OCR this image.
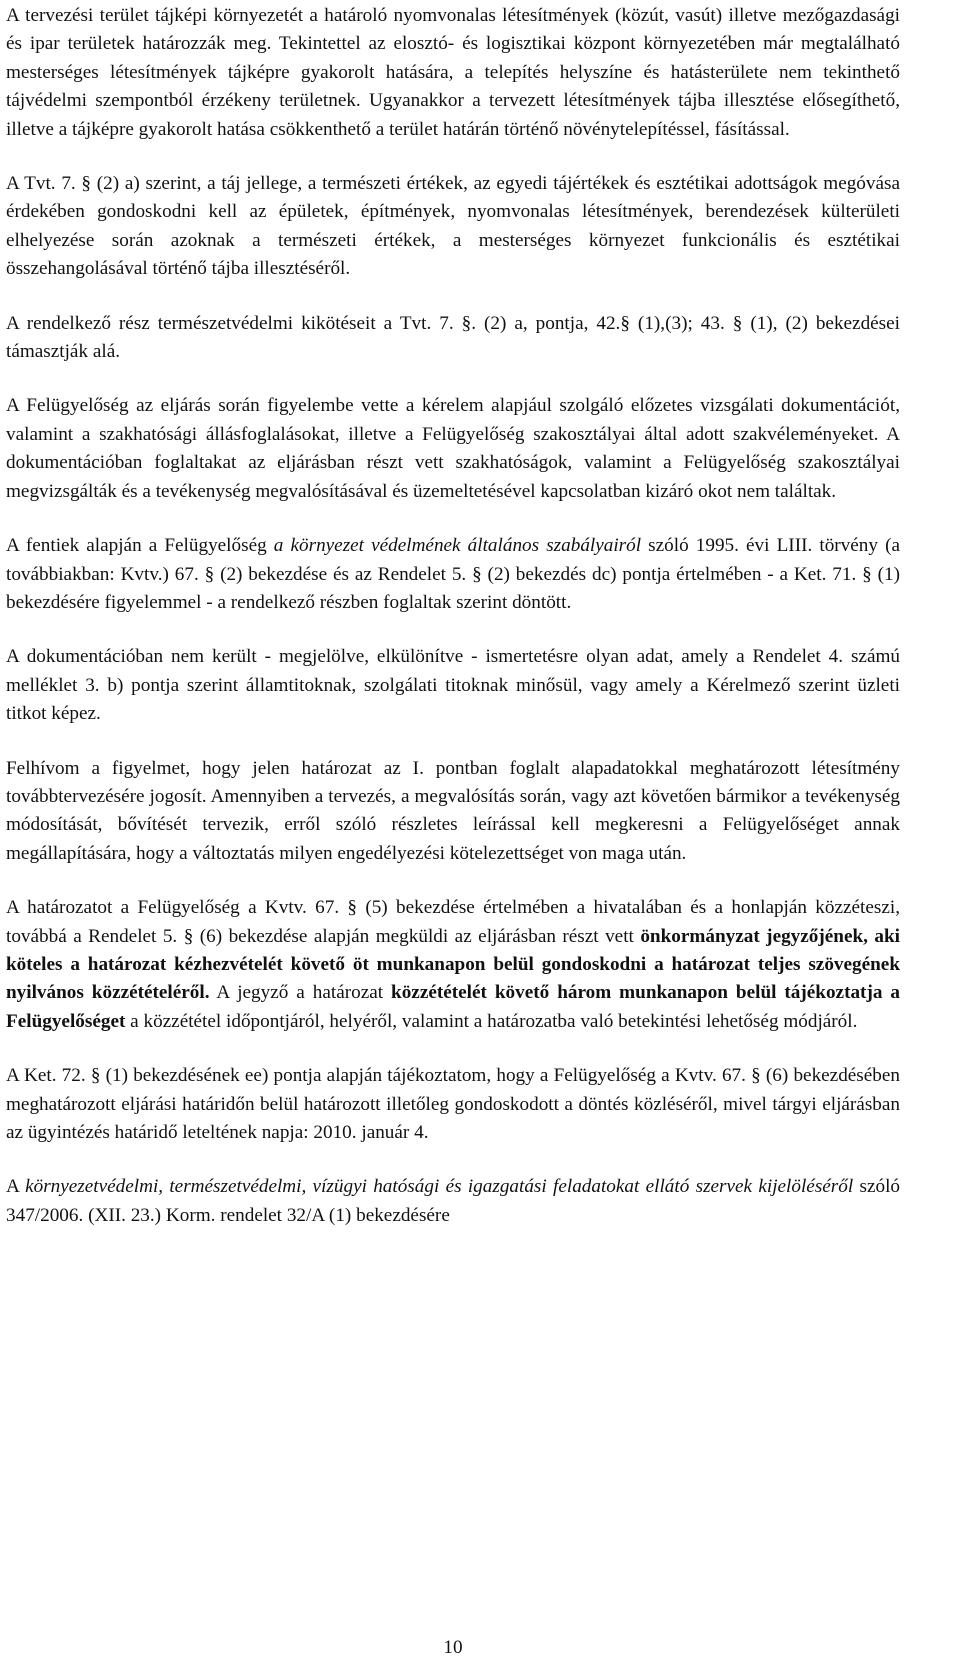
A tervezési terület tájképi környezetét a határoló nyomvonalas létesítmények (közút, vasút) illetve mezőgazdasági és ipar területek határozzák meg. Tekintettel az elosztó- és logisztikai központ környezetében már megtalálható mesterséges létesítmények tájképre gyakorolt hatására, a telepítés helyszíne és hatásterülete nem tekinthető tájvédelmi szempontból érzékeny területnek. Ugyanakkor a tervezett létesítmények tájba illesztése elősegíthető, illetve a tájképre gyakorolt hatása csökkenthető a terület határán történő növénytelepítéssel, fásítással.

A Tvt. 7. § (2) a) szerint, a táj jellege, a természeti értékek, az egyedi tájértékek és esztétikai adottságok megóvása érdekében gondoskodni kell az épületek, építmények, nyomvonalas létesítmények, berendezések külterületi elhelyezése során azoknak a természeti értékek, a mesterséges környezet funkcionális és esztétikai összehangolásával történő tájba illesztéséről.

A rendelkező rész természetvédelmi kikötéseit a Tvt. 7. §. (2) a, pontja, 42.§ (1),(3); 43. § (1), (2) bekezdései támasztják alá.

A Felügyelőség az eljárás során figyelembe vette a kérelem alapjául szolgáló előzetes vizsgálati dokumentációt, valamint a szakhatósági állásfoglalásokat, illetve a Felügyelőség szakosztályai által adott szakvéleményeket. A dokumentációban foglaltakat az eljárásban részt vett szakhatóságok, valamint a Felügyelőség szakosztályai megvizsgálták és a tevékenység megvalósításával és üzemeltetésével kapcsolatban kizáró okot nem találtak.

A fentiek alapján a Felügyelőség a környezet védelmének általános szabályairól szóló 1995. évi LIII. törvény (a továbbiakban: Kvtv.) 67. § (2) bekezdése és az Rendelet 5. § (2) bekezdés dc) pontja értelmében - a Ket. 71. § (1) bekezdésére figyelemmel - a rendelkező részben foglaltak szerint döntött.

A dokumentációban nem került - megjelölve, elkülönítve - ismertetésre olyan adat, amely a Rendelet 4. számú melléklet 3. b) pontja szerint államtitoknak, szolgálati titoknak minősül, vagy amely a Kérelmező szerint üzleti titkot képez.

Felhívom a figyelmet, hogy jelen határozat az I. pontban foglalt alapadatokkal meghatározott létesítmény továbbtervezésére jogosít. Amennyiben a tervezés, a megvalósítás során, vagy azt követően bármikor a tevékenység módosítását, bővítését tervezik, erről szóló részletes leírással kell megkeresni a Felügyelőséget annak megállapítására, hogy a változtatás milyen engedélyezési kötelezettséget von maga után.

A határozatot a Felügyelőség a Kvtv. 67. § (5) bekezdése értelmében a hivatalában és a honlapján közzéteszi, továbbá a Rendelet 5. § (6) bekezdése alapján megküldi az eljárásban részt vett önkormányzat jegyzőjének, aki köteles a határozat kézhezvételét követő öt munkanapon belül gondoskodni a határozat teljes szövegének nyilvános közzétételéről. A jegyző a határozat közzétételét követő három munkanapon belül tájékoztatja a Felügyelőséget a közzététel időpontjáról, helyéről, valamint a határozatba való betekintési lehetőség módjáról.

A Ket. 72. § (1) bekezdésének ee) pontja alapján tájékoztatom, hogy a Felügyelőség a Kvtv. 67. § (6) bekezdésében meghatározott eljárási határidőn belül határozott illetőleg gondoskodott a döntés közléséről, mivel tárgyi eljárásban az ügyintézés határidő leteltének napja: 2010. január 4.

A környezetvédelmi, természetvédelmi, vízügyi hatósági és igazgatási feladatokat ellátó szervek kijelöléséről szóló 347/2006. (XII. 23.) Korm. rendelet 32/A (1) bekezdésére

10
